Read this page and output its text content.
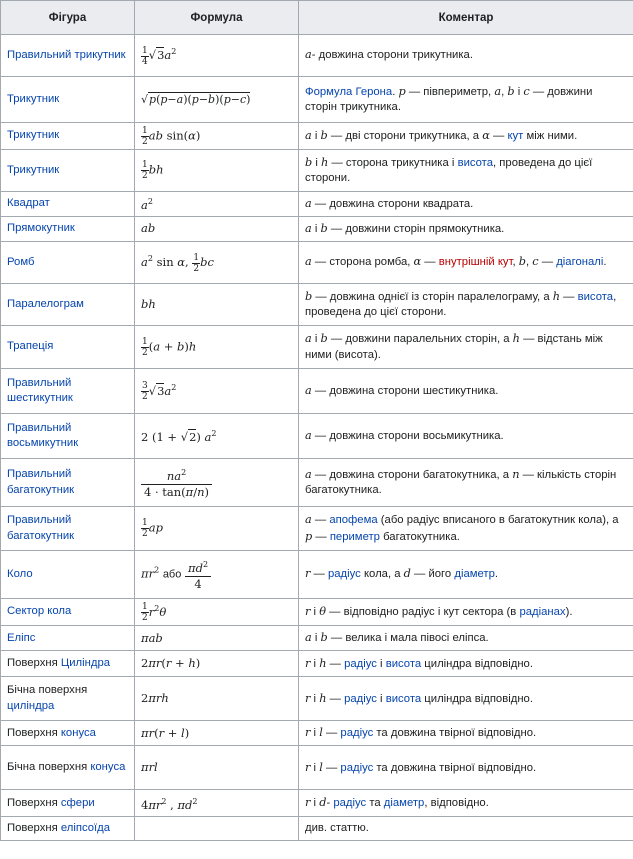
Фігура	Формула	Коментар
Правильний трикутник	$\frac{1}{4} √3a^2$	a- довжина сторони трикутника.
Трикутник	√p(p−a)(p−b)(p−c)	Формула Герона. p — півпериметр, a, b і c — довжини сторін трикутника.
Трикутник	$\frac{1}{2}$ ab sin(α)	a і b — дві сторони трикутника, а α — кут між ними.
Трикутник	$\frac{1}{2}$ bh	b і h — сторона трикутника і висота, проведена до цієї сторони.
Квадрат	$a^2$	a — довжина сторони квадрата.
Прямокутник	ab	a і b — довжини сторін прямокутника.
Ромб	$a^2$ sin α, $\frac{1}{2}$ bc	a — сторона ромба, α — внутрішній кут, b, c — діагоналі.
Паралелограм	bh	b — довжина однієї із сторін паралелограму, а h — висота, проведена до цієї сторони.
Трапеція	$\frac{1}{2} (a + b)h$	a і b — довжини паралельних сторін, а h — відстань між ними (висота).
Правильний шестикутник	$\frac{3}{2} √3a^2$	a — довжина сторони шестикутника.
Правильний восьмикутник	2 (1 + √2) $a^2$	a — довжина сторони восьмикутника.
Правильний багатокутник	$\frac{na^2}{4 \cdot \tan(\pi/n)}$	a — довжина сторони багатокутника, а n — кількість сторін багатокутника.
Правильний багатокутник	$\frac{1}{2}$ ap	a — апофема (або радіус вписаного в багатокутник кола), а p — периметр багатокутника.
Коло	$\pi r^2$ або $\frac{\pi d^2}{4}$	r — радіус кола, а d — його діаметр.
Сектор кола	$\frac{1}{2} r^2\theta$	r і θ — відповідно радіус і кут сектора (в радіанах).
Еліпс	πab	a і b — велика і мала півосі еліпса.
Поверхня Циліндра	2πr(r + h)	r і h — радіус і висота циліндра відповідно.
Бічна поверхня циліндра	2πrh	r і h — радіус і висота циліндра відповідно.
Поверхня конуса	πr(r + l)	r і l — радіус та довжина твірної відповідно.
Бічна поверхня конуса	πrl	r і l — радіус та довжина твірної відповідно.
Поверхня сфери	$4\pi r^2$ , $\pi d^2$	r і d- радіус та діаметр, відповідно.
Поверхня еліпсоїда		див. статтю.
